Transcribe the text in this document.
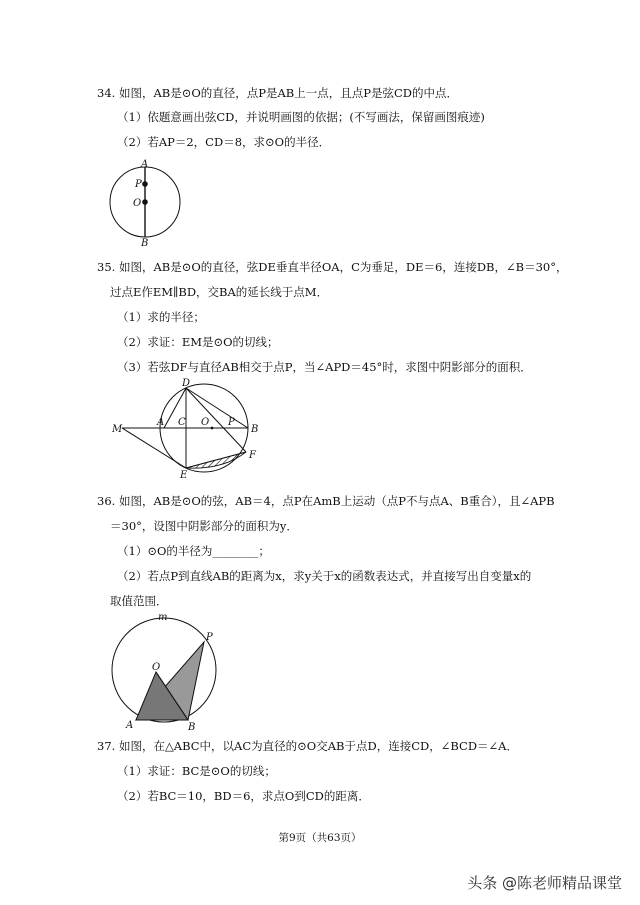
34. 如图，AB是⊙O的直径，点P是AB上一点，且点P是弦CD的中点．
（1）依题意画出弦CD，并说明画图的依据；(不写画法，保留画图痕迹)
（2）若AP＝2，CD＝8，求⊙O的半径．
A
P
O
B
35. 如图，AB是⊙O的直径，弦DE垂直半径OA，C为垂足，DE＝6，连接DB，∠B＝30°，
过点E作EM∥BD，交BA的延长线于点M．
（1）求的半径；
（2）求证：EM是⊙O的切线；
（3）若弦DF与直径AB相交于点P，当∠APD＝45°时，求图中阴影部分的面积．
M
A C O P
B
D
E
F
36. 如图，AB是⊙O的弦，AB＝4，点P在AmB上运动（点P不与点A、B重合），且∠APB
＝30°，设图中阴影部分的面积为y．
（1）⊙O的半径为________；
（2）若点P到直线AB的距离为x，求y关于x的函数表达式，并直接写出自变量x的
取值范围．
m
P
O
A	B
37. 如图，在△ABC中，以AC为直径的⊙O交AB于点D，连接CD，∠BCD＝∠A．
（1）求证：BC是⊙O的切线；
（2）若BC＝10，BD＝6，求点O到CD的距离．
第9页（共63页）
头条 @陈老师精品课堂
